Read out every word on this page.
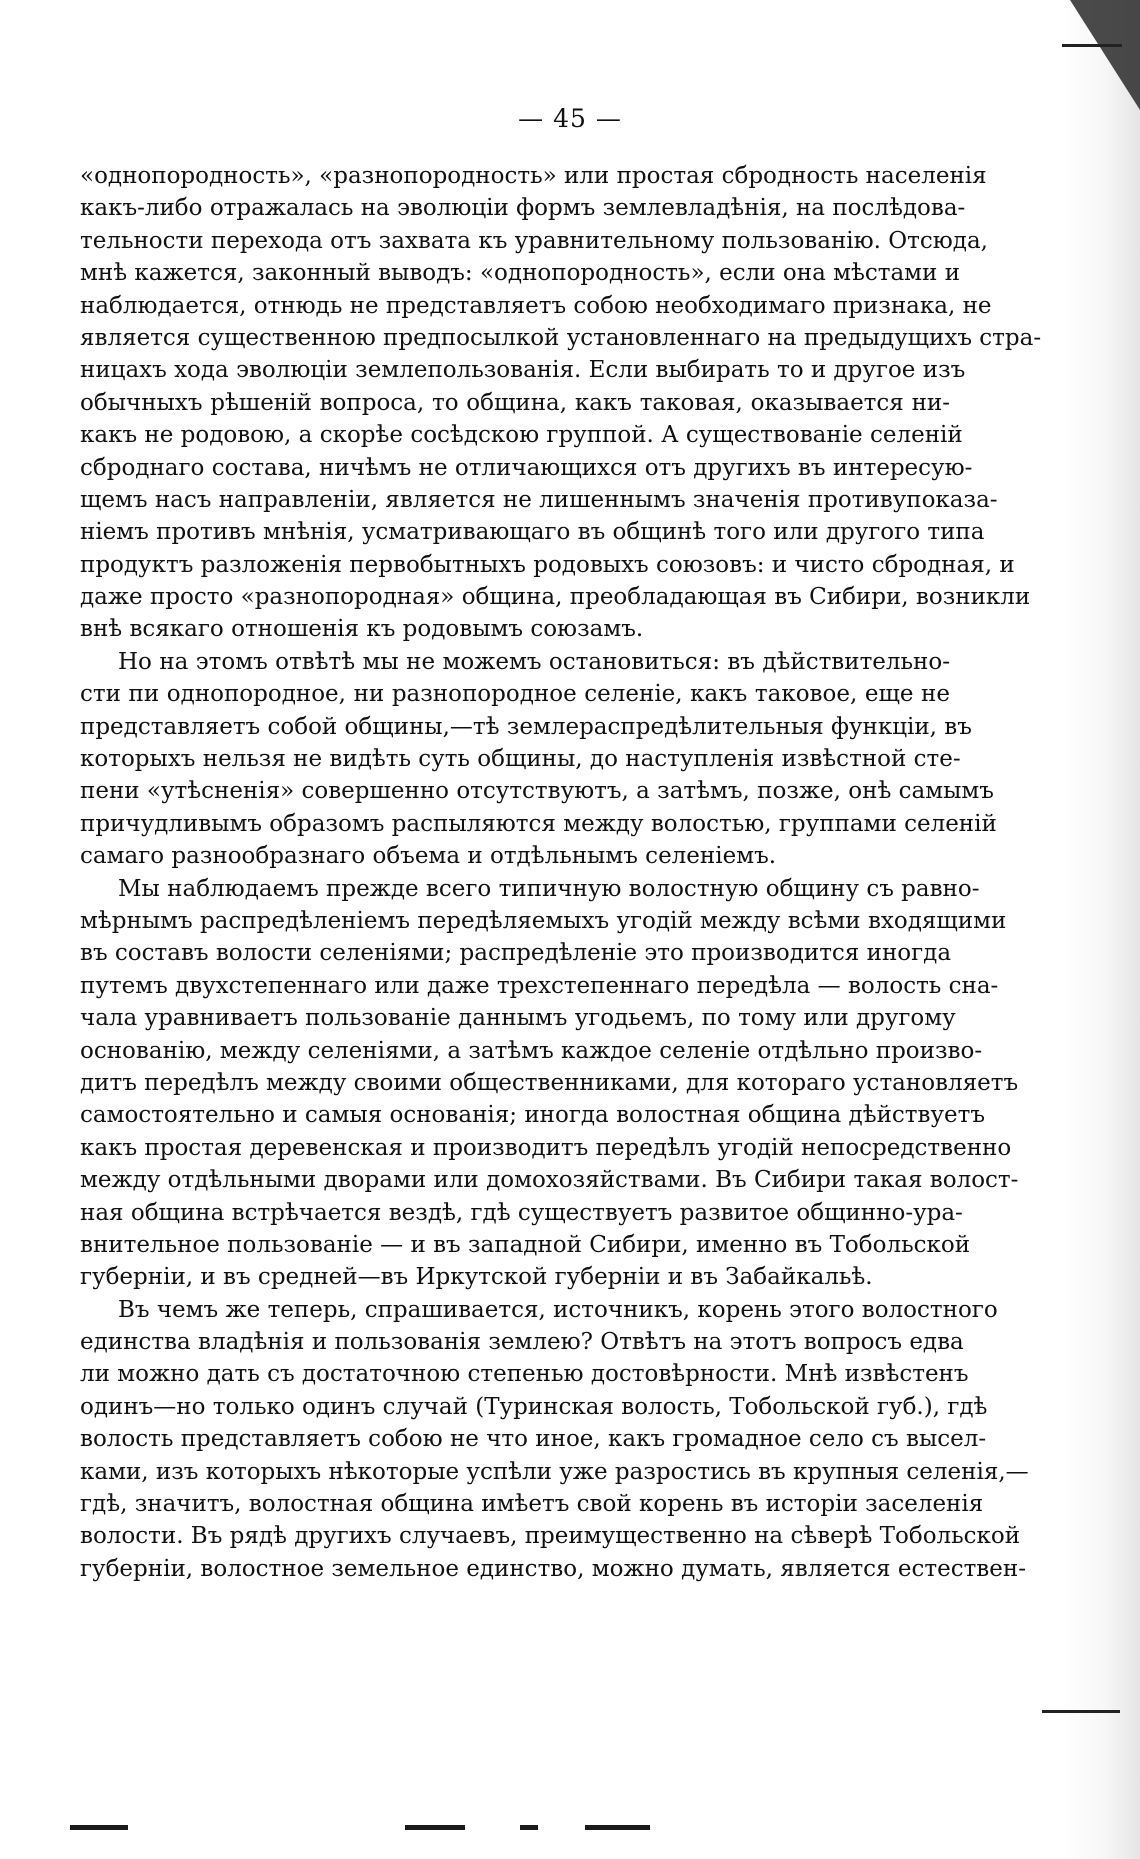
— 45 —
«однопородность», «разнопородность» или простая сбродность населенія
какъ-либо отражалась на эволюціи формъ землевладѣнія, на послѣдова-
тельности перехода отъ захвата къ уравнительному пользованію. Отсюда,
мнѣ кажется, законный выводъ: «однопородность», если она мѣстами и
наблюдается, отнюдь не представляетъ собою необходимаго признака, не
является существенною предпосылкой установленнаго на предыдущихъ стра-
ницахъ хода эволюціи землепользованія. Если выбирать то и другое изъ
обычныхъ рѣшеній вопроса, то община, какъ таковая, оказывается ни-
какъ не родовою, а скорѣе сосѣдскою группой. А существованіе селеній
сброднаго состава, ничѣмъ не отличающихся отъ другихъ въ интересую-
щемъ насъ направленіи, является не лишеннымъ значенія противупоказа-
ніемъ противъ мнѣнія, усматривающаго въ общинѣ того или другого типа
продуктъ разложенія первобытныхъ родовыхъ союзовъ: и чисто сбродная, и
даже просто «разнопородная» община, преобладающая въ Сибири, возникли
внѣ всякаго отношенія къ родовымъ союзамъ.
Но на этомъ отвѣтѣ мы не можемъ остановиться: въ дѣйствительно-
сти пи однопородное, ни разнопородное селеніе, какъ таковое, еще не
представляетъ собой общины,—тѣ землераспредѣлительныя функціи, въ
которыхъ нельзя не видѣть суть общины, до наступленія извѣстной сте-
пени «утѣсненія» совершенно отсутствуютъ, а затѣмъ, позже, онѣ самымъ
причудливымъ образомъ распыляются между волостью, группами селеній
самаго разнообразнаго объема и отдѣльнымъ селеніемъ.
Мы наблюдаемъ прежде всего типичную волостную общину съ равно-
мѣрнымъ распредѣленіемъ передѣляемыхъ угодій между всѣми входящими
въ составъ волости селеніями; распредѣленіе это производится иногда
путемъ двухстепеннаго или даже трехстепеннаго передѣла — волость сна-
чала уравниваетъ пользованіе даннымъ угодьемъ, по тому или другому
основанію, между селеніями, а затѣмъ каждое селеніе отдѣльно произво-
дитъ передѣлъ между своими общественниками, для котораго установляетъ
самостоятельно и самыя основанія; иногда волостная община дѣйствуетъ
какъ простая деревенская и производитъ передѣлъ угодій непосредственно
между отдѣльными дворами или домохозяйствами. Въ Сибири такая волост-
ная община встрѣчается вездѣ, гдѣ существуетъ развитое общинно-ура-
внительное пользованіе — и въ западной Сибири, именно въ Тобольской
губерніи, и въ средней—въ Иркутской губерніи и въ Забайкальѣ.
Въ чемъ же теперь, спрашивается, источникъ, корень этого волостного
единства владѣнія и пользованія землею? Отвѣтъ на этотъ вопросъ едва
ли можно дать съ достаточною степенью достовѣрности. Мнѣ извѣстенъ
одинъ—но только одинъ случай (Туринская волость, Тобольской губ.), гдѣ
волость представляетъ собою не что иное, какъ громадное село съ высел-
ками, изъ которыхъ нѣкоторые успѣли уже разростись въ крупныя селенія,—
гдѣ, значитъ, волостная община имѣетъ свой корень въ исторіи заселенія
волости. Въ рядѣ другихъ случаевъ, преимущественно на сѣверѣ Тобольской
губерніи, волостное земельное единство, можно думать, является естествен-
